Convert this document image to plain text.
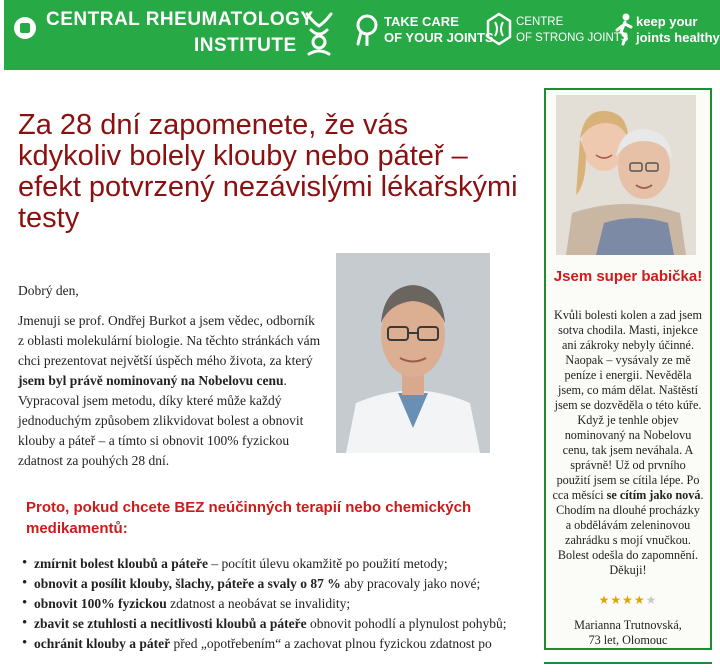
CENTRAL RHEUMATOLOGY
INSTITUTE
TAKE CARE
OF YOUR JOINTS
CENTRE
OF STRONG JOINTS
keep your
joints healthy
Za 28 dní zapomenete, že vás kdykoliv bolely klouby nebo páteř – efekt potvrzený nezávislými lékařskými testy
Dobrý den,

Jmenuji se prof. Ondřej Burkot a jsem vědec, odborník z oblasti molekulární biologie. Na těchto stránkách vám chci prezentovat největší úspěch mého života, za který jsem byl právě nominovaný na Nobelovu cenu. Vypracoval jsem metodu, díky které může každý jednoduchým způsobem zlikvidovat bolest a obnovit klouby a páteř – a tímto si obnovit 100% fyzickou zdatnost za pouhých 28 dní.

Proto, pokud chcete BEZ neúčinných terapií nebo chemických medikamentů:
• zmírnit bolest kloubů a páteře – pocítit úlevu okamžitě po použití metody;
• obnovit a posílit klouby, šlachy, páteře a svaly o 87 % aby pracovaly jako nové;
• obnovit 100% fyzickou zdatnost a neobávat se invalidity;
• zbavit se ztuhlosti a necitlivosti kloubů a páteře obnovit pohodlí a plynulost pohybů;
• ochránit klouby a páteř před „opotřebením“ a zachovat plnou fyzickou zdatnost po
Jsem super babička!
Kvůli bolesti kolen a zad jsem sotva chodila. Masti, injekce ani zákroky nebyly účinné. Naopak – vysávaly ze mě peníze i energii. Nevěděla jsem, co mám dělat. Naštěstí jsem se dozvěděla o této kúře. Když je tenhle objev nominovaný na Nobelovu cenu, tak jsem neváhala. A správně! Už od prvního použití jsem se cítila lépe. Po cca měsíci se cítím jako nová. Chodím na dlouhé procházky a obdělávám zeleninovou zahrádku s mojí vnučkou. Bolest odešla do zapomnění. Děkuji!
★★★★★
Marianna Trutnovská,
73 let, Olomouc
